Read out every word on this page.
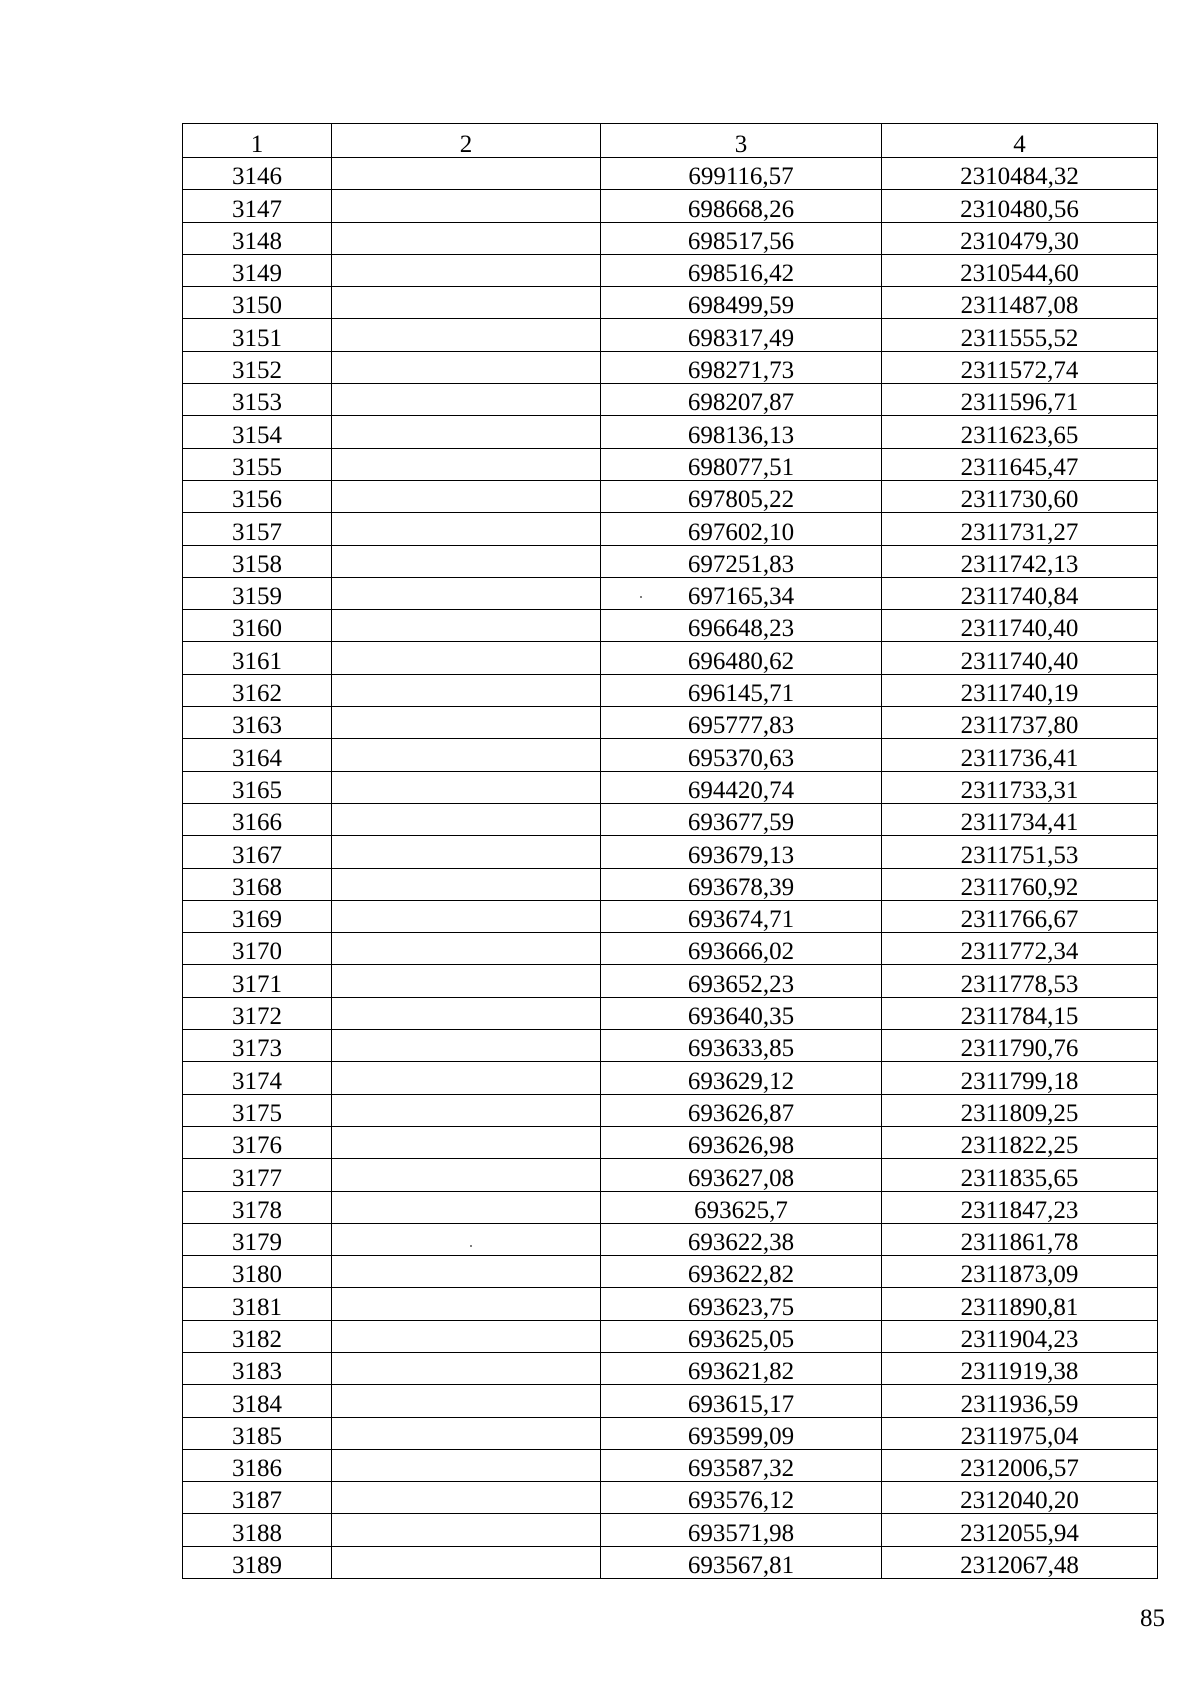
1	2	3	4
3146		699116,57	2310484,32
3147		698668,26	2310480,56
3148		698517,56	2310479,30
3149		698516,42	2310544,60
3150		698499,59	2311487,08
3151		698317,49	2311555,52
3152		698271,73	2311572,74
3153		698207,87	2311596,71
3154		698136,13	2311623,65
3155		698077,51	2311645,47
3156		697805,22	2311730,60
3157		697602,10	2311731,27
3158		697251,83	2311742,13
3159		697165,34	2311740,84
3160		696648,23	2311740,40
3161		696480,62	2311740,40
3162		696145,71	2311740,19
3163		695777,83	2311737,80
3164		695370,63	2311736,41
3165		694420,74	2311733,31
3166		693677,59	2311734,41
3167		693679,13	2311751,53
3168		693678,39	2311760,92
3169		693674,71	2311766,67
3170		693666,02	2311772,34
3171		693652,23	2311778,53
3172		693640,35	2311784,15
3173		693633,85	2311790,76
3174		693629,12	2311799,18
3175		693626,87	2311809,25
3176		693626,98	2311822,25
3177		693627,08	2311835,65
3178		693625,7	2311847,23
3179		693622,38	2311861,78
3180		693622,82	2311873,09
3181		693623,75	2311890,81
3182		693625,05	2311904,23
3183		693621,82	2311919,38
3184		693615,17	2311936,59
3185		693599,09	2311975,04
3186		693587,32	2312006,57
3187		693576,12	2312040,20
3188		693571,98	2312055,94
3189		693567,81	2312067,48
85
